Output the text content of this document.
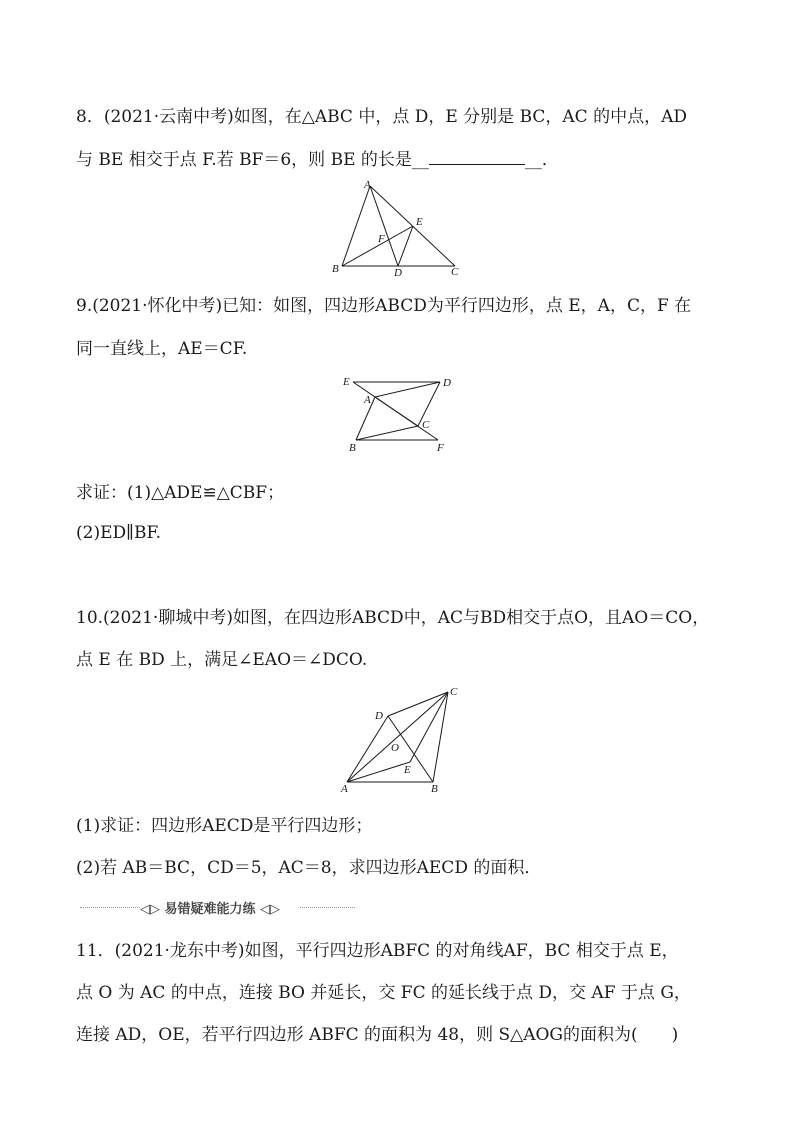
8．(2021·云南中考)如图，在△ABC 中，点 D，E 分别是 BC，AC 的中点，AD
与 BE 相交于点 F.若 BF＝6，则 BE 的长是__	__．
A
B	C
D
E
F
9.(2021·怀化中考)已知：如图，四边形ABCD为平行四边形，点 E，A，C，F 在
同一直线上，AE＝CF.
E	D
A
C
B	F
求证：(1)△ADE≌△CBF；
(2)ED∥BF.
10.(2021·聊城中考)如图，在四边形ABCD中，AC与BD相交于点O，且AO＝CO，
点 E 在 BD 上，满足∠EAO＝∠DCO.
C
D
O
E
A	B
(1)求证：四边形AECD是平行四边形；
(2)若 AB＝BC，CD＝5，AC＝8，求四边形AECD 的面积．
◁▷ 易错疑难能力练 ◁▷
11．(2021·龙东中考)如图，平行四边形ABFC 的对角线AF，BC 相交于点 E，
点 O 为 AC 的中点，连接 BO 并延长，交 FC 的延长线于点 D，交 AF 于点 G，
连接 AD，OE，若平行四边形 ABFC 的面积为 48，则 S△AOG的面积为(　　)
